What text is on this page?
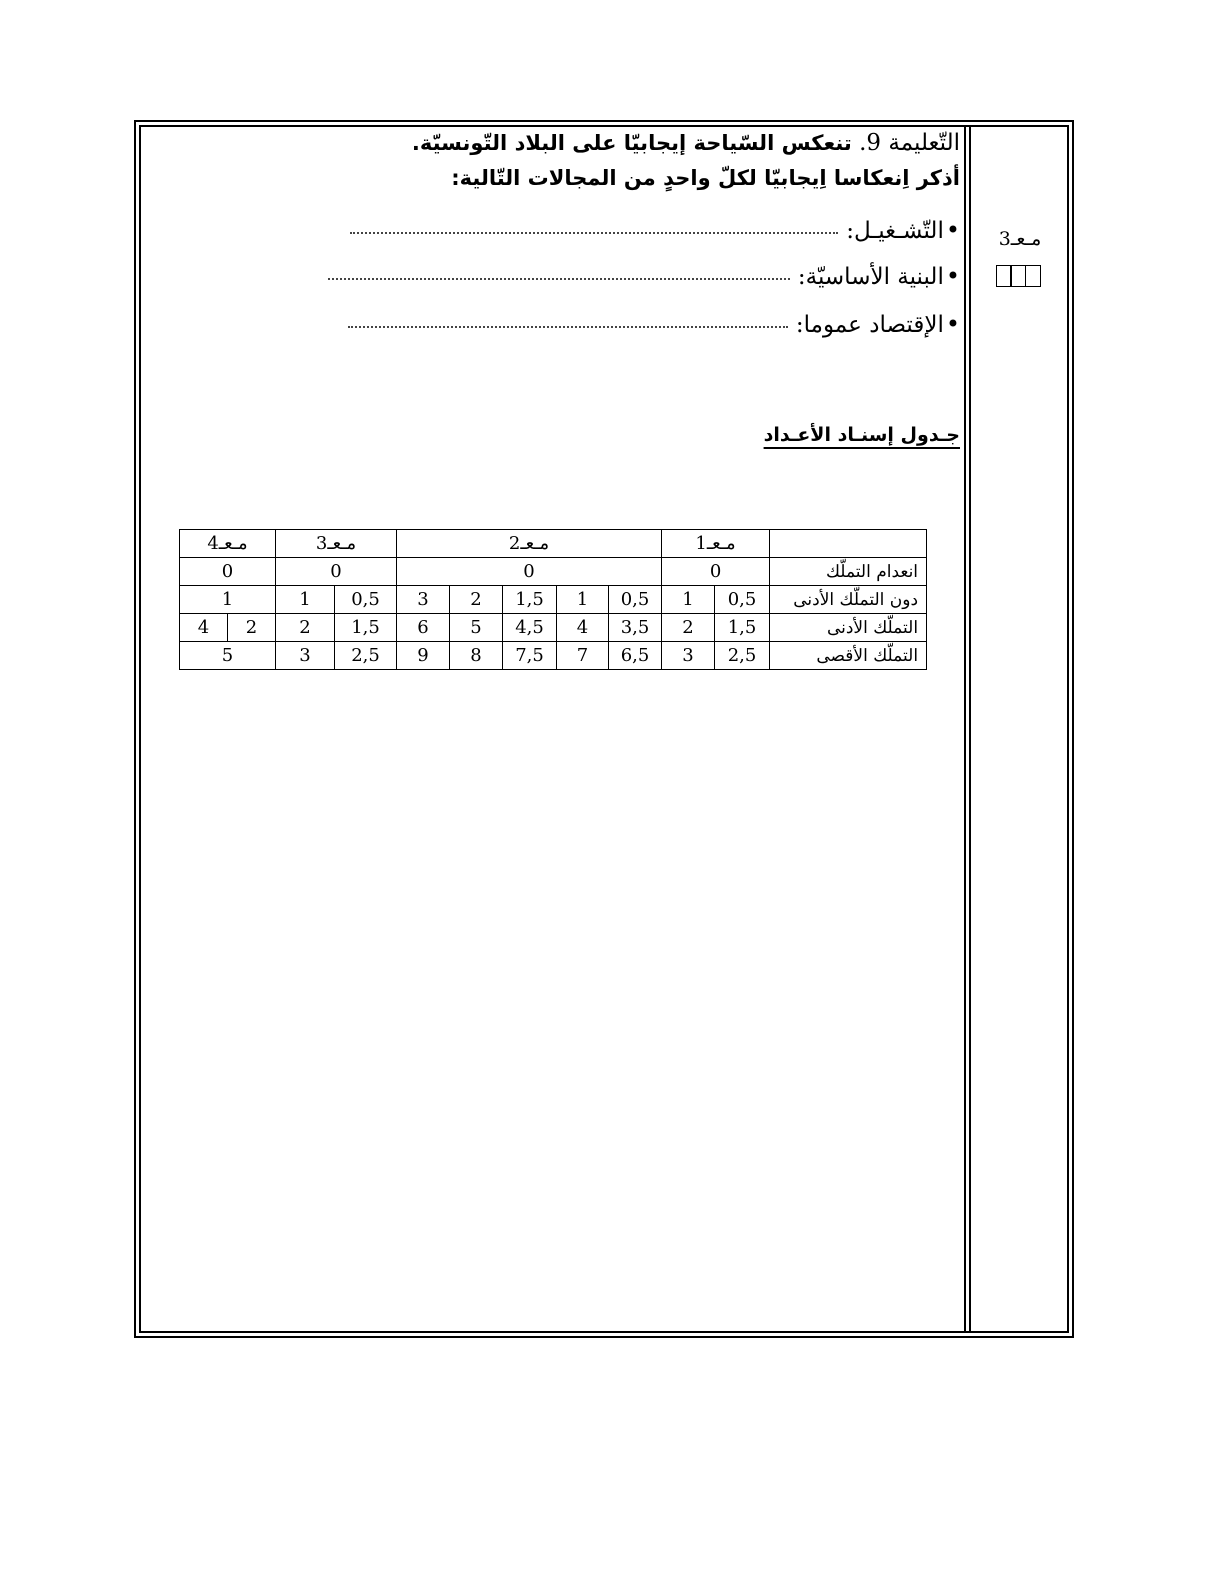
مـعـ3
التّعليمة 9. تنعكس السّياحة إيجابيّا على البلاد التّونسيّة.
أذكر اِنعكاسا اِيجابيّا لكلّ واحدٍ من المجالات التّالية:
•
التّشـغيـل:
•
البنية الأساسيّة:
•
الإقتصاد عموما:
جـدول إسنـاد الأعـداد
مـعـ4		مـعـ3		مـعـ2					مـعـ1		
0		0		0					0		انعدام التملّك
1		1	0,5	3	2	1,5	1	0,5	1	0,5	دون التملّك الأدنى
4	2	2	1,5	6	5	4,5	4	3,5	2	1,5	التملّك الأدنى
5		3	2,5	9	8	7,5	7	6,5	3	2,5	التملّك الأقصى
